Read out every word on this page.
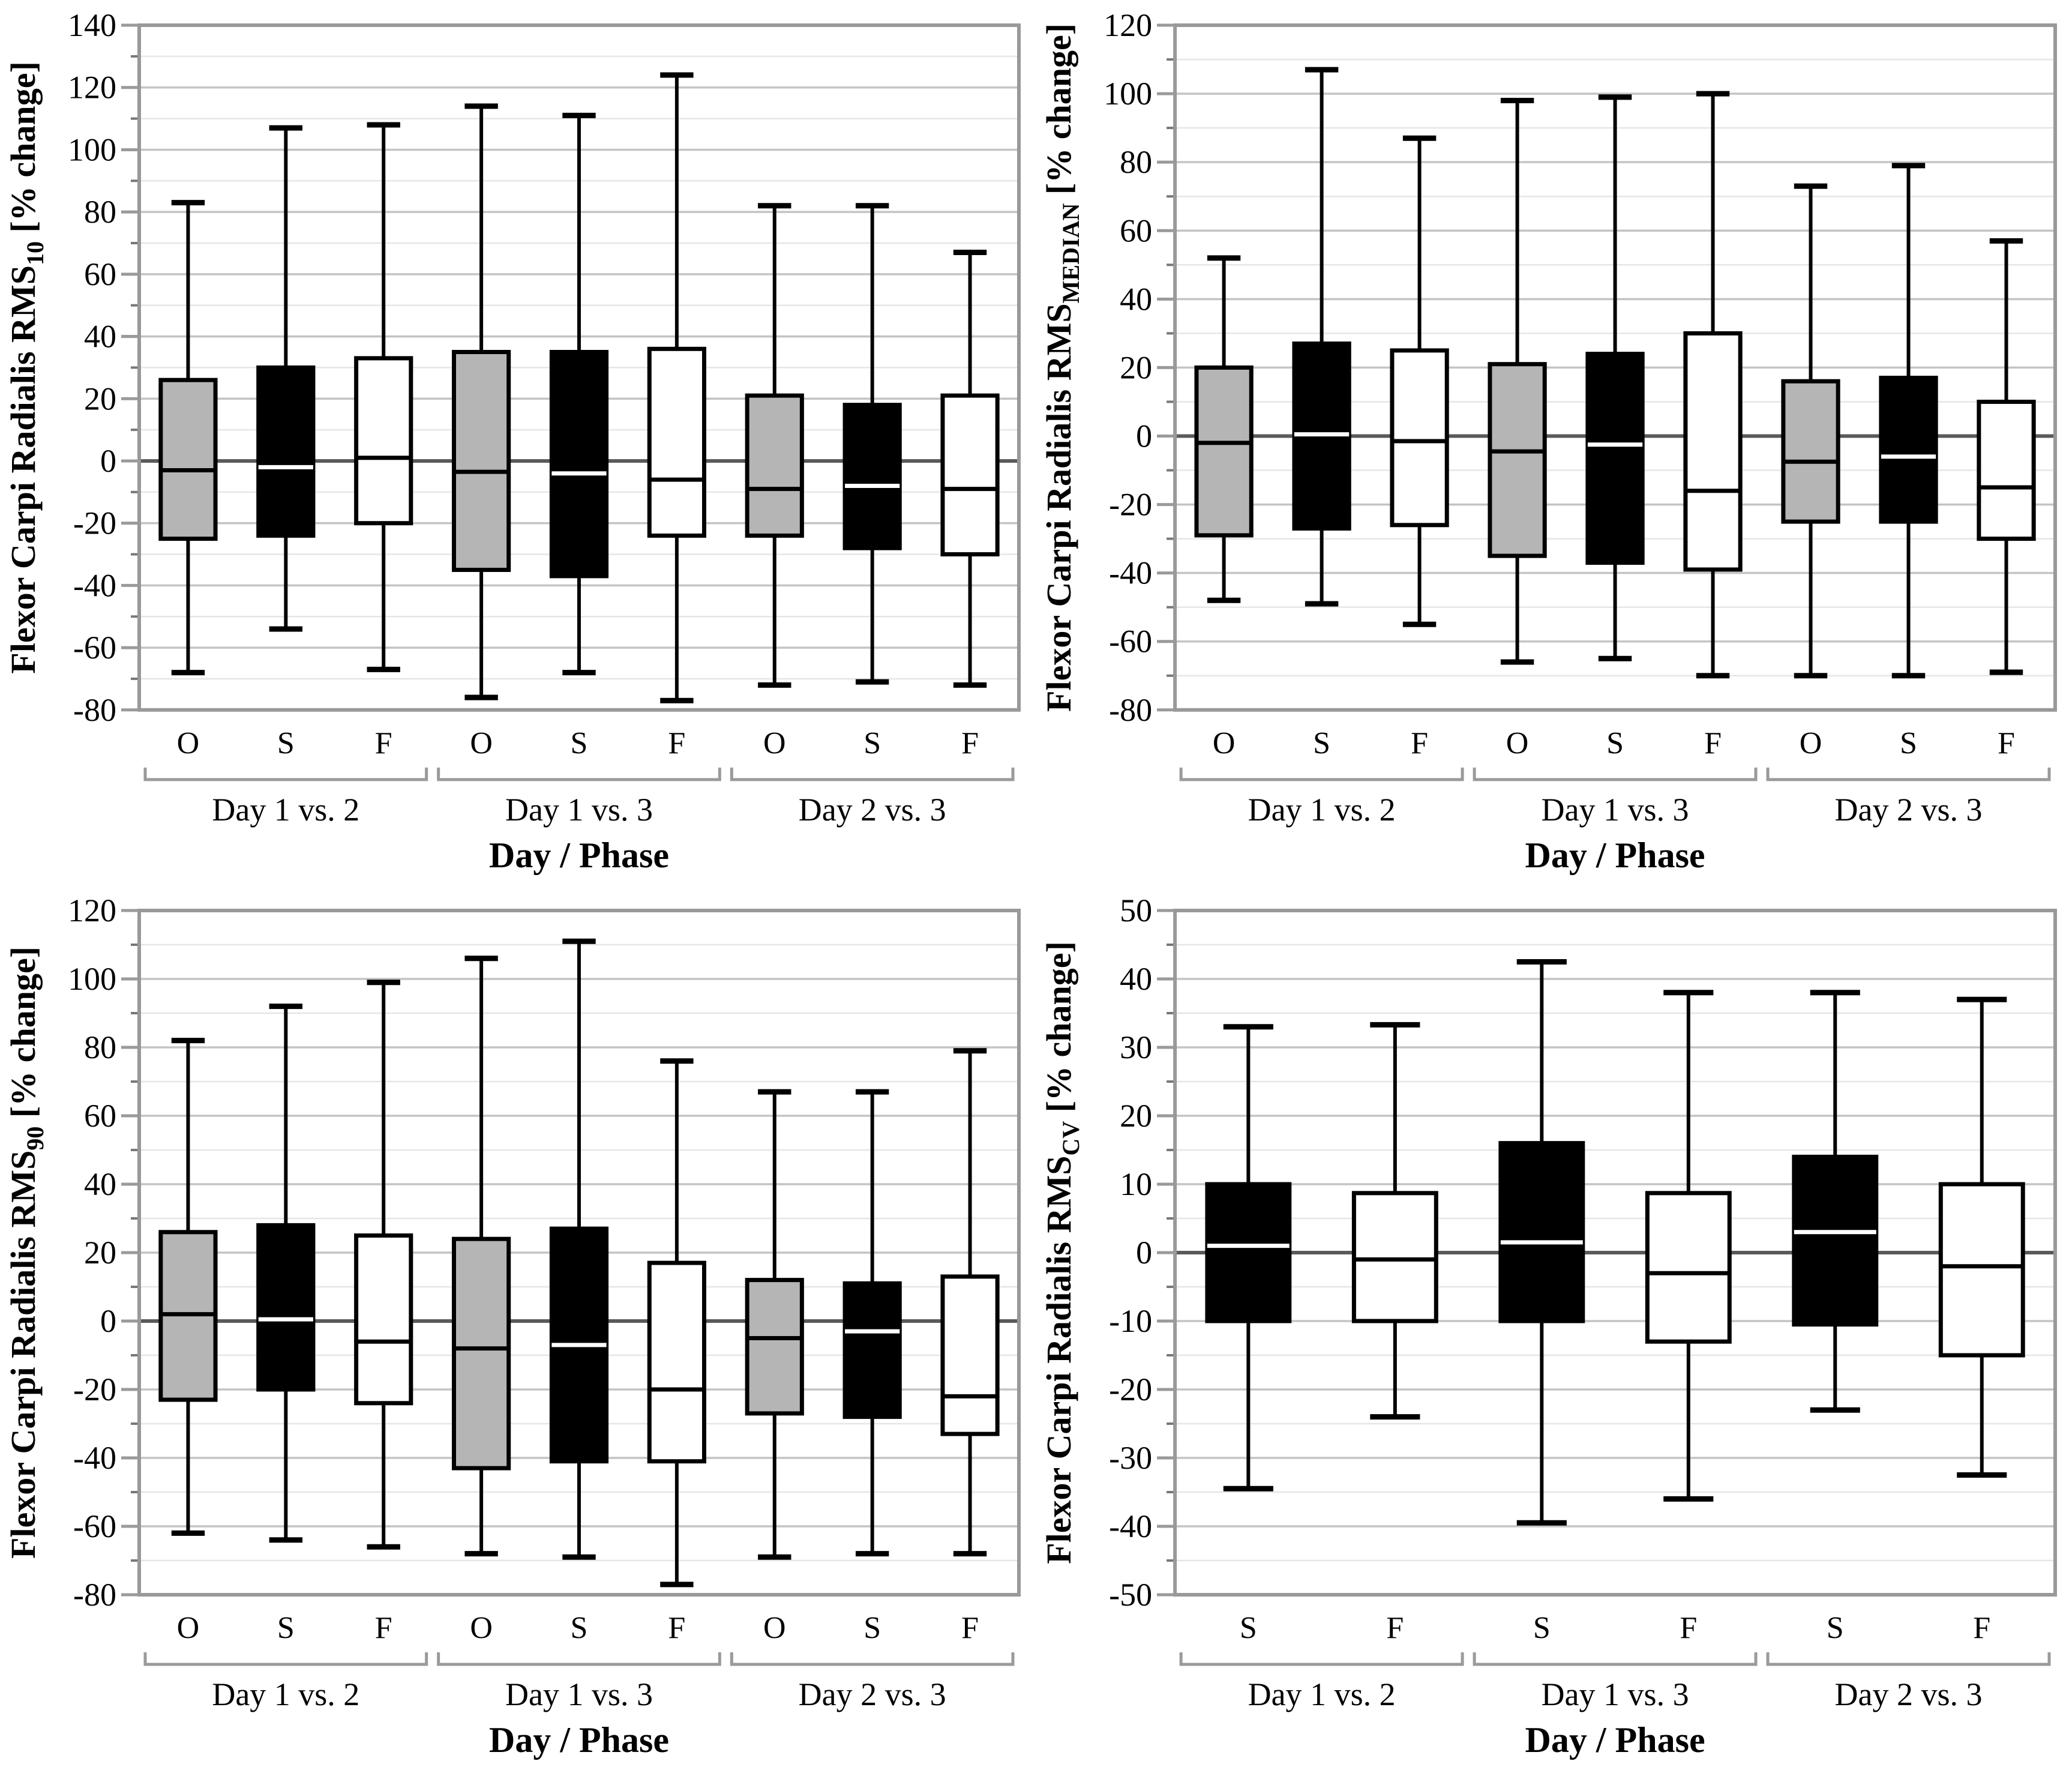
-80
-60
-40
-20
0
20
40
60
80
100
120
140
O S	F O S	F O S	F
Day 1 vs. 2	Day 1 vs. 3	Day 2 vs. 3
Day / Phase
Flexor Carpi Radialis $RMS_{10}$ [% change]
-80
-60
-40
-20
0
20
40
60
80
100
120
O S	F O S	F O S	F
Day 1 vs. 2	Day 1 vs. 3	Day 2 vs. 3
Day / Phase
Flexor Carpi Radialis $RMS_{MEDIAN}$ [% change]
-80
-60
-40
-20
0
20
40
60
80
100
120
O S	F O S	F O S	F
Day 1 vs. 2	Day 1 vs. 3	Day 2 vs. 3
Day / Phase
Flexor Carpi Radialis $RMS_{90}$ [% change]
-50
-40
-30
-20
-10
0
10
20
30
40
50
S	F	S	F	S	F
Day 1 vs. 2	Day 1 vs. 3	Day 2 vs. 3
Day / Phase
Flexor Carpi Radialis $RMS_{CV}$ [% change]
